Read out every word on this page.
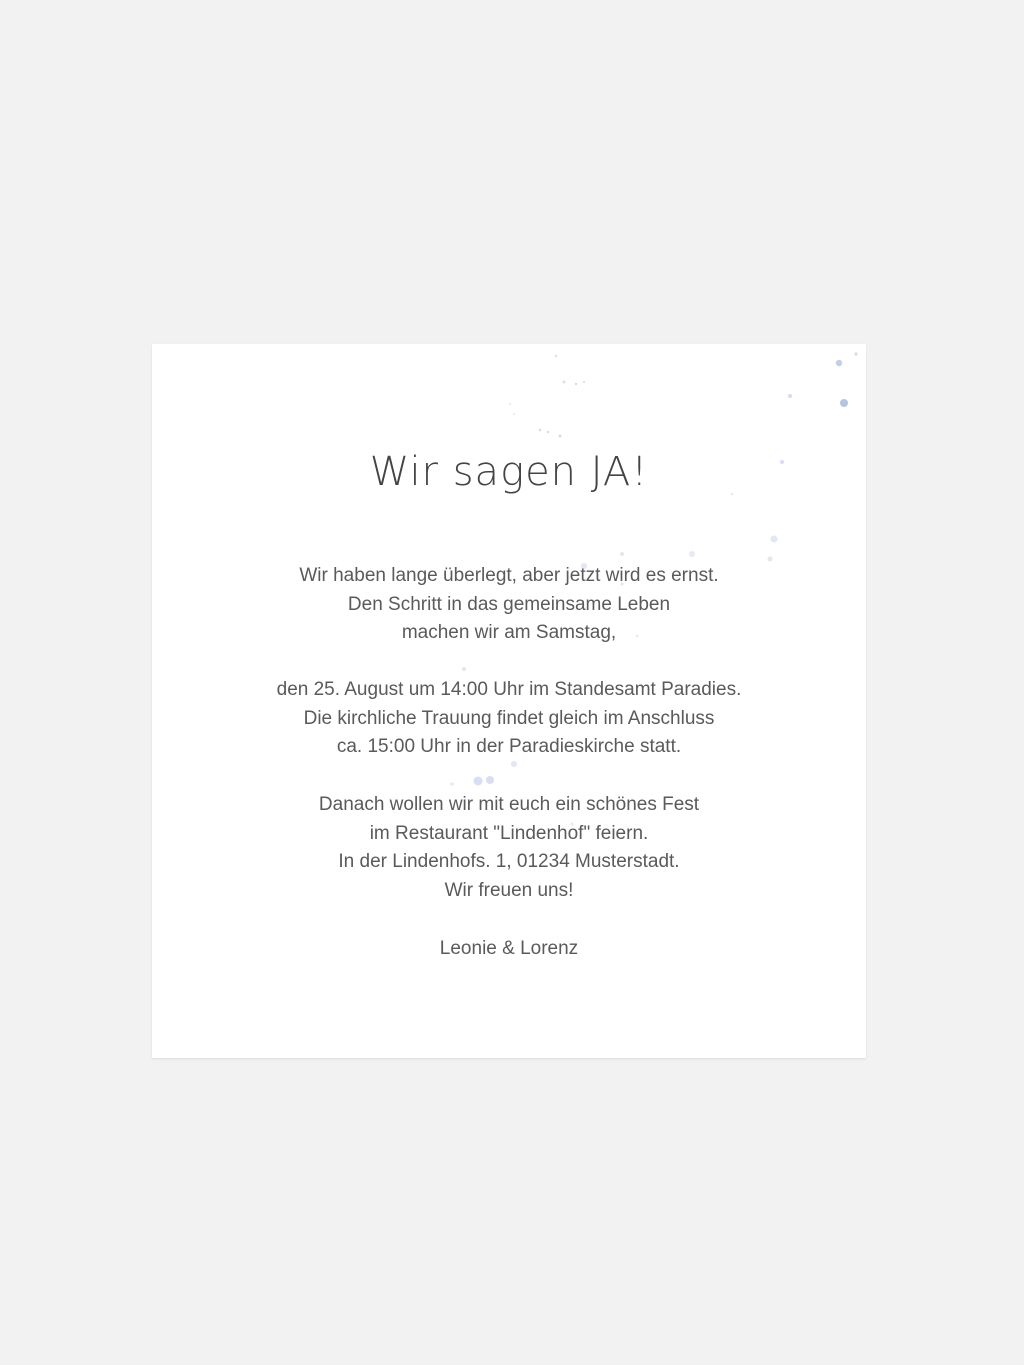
Wir sagen JA!

Wir haben lange überlegt, aber jetzt wird es ernst.
Den Schritt in das gemeinsame Leben
machen wir am Samstag,

den 25. August um 14:00 Uhr im Standesamt Paradies.
Die kirchliche Trauung findet gleich im Anschluss
ca. 15:00 Uhr in der Paradieskirche statt.

Danach wollen wir mit euch ein schönes Fest
im Restaurant "Lindenhof" feiern.
In der Lindenhofs. 1, 01234 Musterstadt.
Wir freuen uns!

Leonie & Lorenz
